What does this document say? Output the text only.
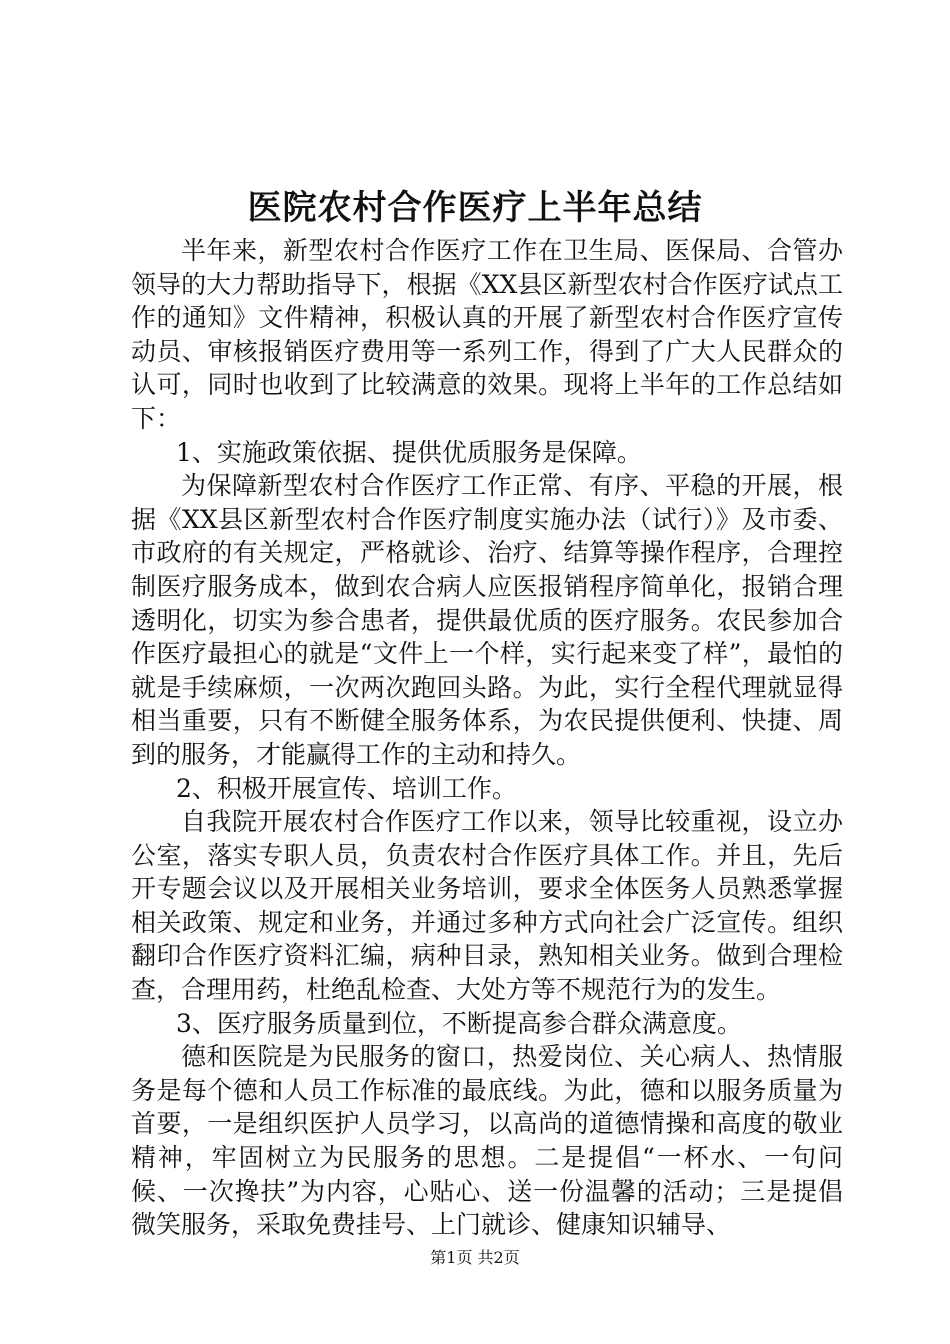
医院农村合作医疗上半年总结

半年来，新型农村合作医疗工作在卫生局、医保局、合管办领导的大力帮助指导下，根据《XX县区新型农村合作医疗试点工作的通知》文件精神，积极认真的开展了新型农村合作医疗宣传动员、审核报销医疗费用等一系列工作，得到了广大人民群众的认可，同时也收到了比较满意的效果。现将上半年的工作总结如下：

1、实施政策依据、提供优质服务是保障。

为保障新型农村合作医疗工作正常、有序、平稳的开展，根据《XX县区新型农村合作医疗制度实施办法（试行）》及市委、市政府的有关规定，严格就诊、治疗、结算等操作程序，合理控制医疗服务成本，做到农合病人应医报销程序简单化，报销合理透明化，切实为参合患者，提供最优质的医疗服务。农民参加合作医疗最担心的就是“文件上一个样，实行起来变了样”，最怕的就是手续麻烦，一次两次跑回头路。为此，实行全程代理就显得相当重要，只有不断健全服务体系，为农民提供便利、快捷、周到的服务，才能赢得工作的主动和持久。

2、积极开展宣传、培训工作。

自我院开展农村合作医疗工作以来，领导比较重视，设立办公室，落实专职人员，负责农村合作医疗具体工作。并且，先后开专题会议以及开展相关业务培训，要求全体医务人员熟悉掌握相关政策、规定和业务，并通过多种方式向社会广泛宣传。组织翻印合作医疗资料汇编，病种目录，熟知相关业务。做到合理检查，合理用药，杜绝乱检查、大处方等不规范行为的发生。

3、医疗服务质量到位，不断提高参合群众满意度。

德和医院是为民服务的窗口，热爱岗位、关心病人、热情服务是每个德和人员工作标准的最底线。为此，德和以服务质量为首要，一是组织医护人员学习，以高尚的道德情操和高度的敬业精神，牢固树立为民服务的思想。二是提倡“一杯水、一句问候、一次搀扶”为内容，心贴心、送一份温馨的活动；三是提倡微笑服务，采取免费挂号、上门就诊、健康知识辅导、

第1页 共2页
